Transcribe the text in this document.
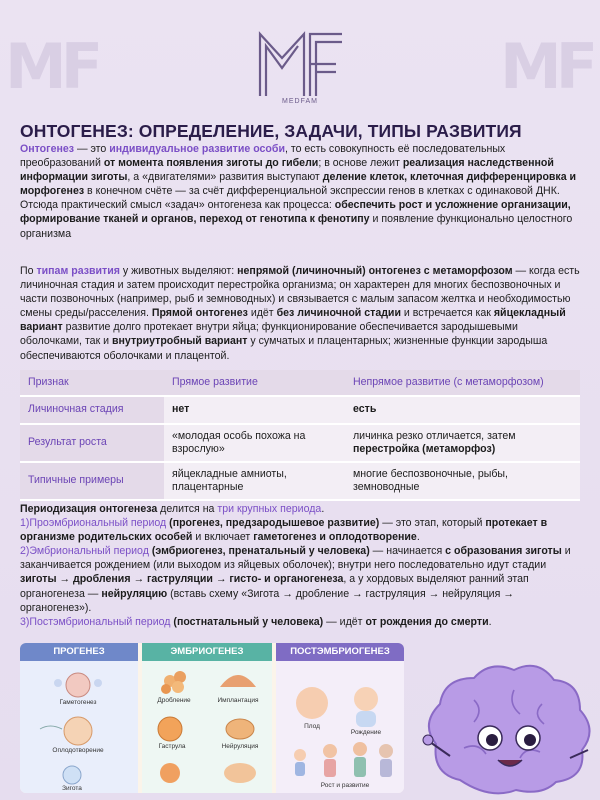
MF	MF
MEDFAM
ОНТОГЕНЕЗ: ОПРЕДЕЛЕНИЕ, ЗАДАЧИ, ТИПЫ РАЗВИТИЯ
Онтогенез — это индивидуальное развитие особи, то есть совокупность её последовательных преобразований от момента появления зиготы до гибели; в основе лежит реализация наследственной информации зиготы, а «двигателями» развития выступают деление клеток, клеточная дифференцировка и морфогенез в конечном счёте — за счёт дифференциальной экспрессии генов в клетках с одинаковой ДНК. Отсюда практический смысл «задач» онтогенеза как процесса: обеспечить рост и усложнение организации, формирование тканей и органов, переход от генотипа к фенотипу и появление функционально целостного организма
По типам развития у животных выделяют: непрямой (личиночный) онтогенез с метаморфозом — когда есть личиночная стадия и затем происходит перестройка организма; он характерен для многих беспозвоночных и части позвоночных (например, рыб и земноводных) и связывается с малым запасом желтка и необходимостью смены среды/расселения. Прямой онтогенез идёт без личиночной стадии и встречается как яйцекладный вариант развитие долго протекает внутри яйца; функционирование обеспечивается зародышевыми оболочками, так и внутриутробный вариант у сумчатых и плацентарных; жизненные функции зародыша обеспечиваются оболочками и плацентой.
Признак	Прямое развитие	Непрямое развитие (с метаморфозом)
Личиночная стадия	нет	есть
Результат роста	«молодая особь похожа на взрослую»	личинка резко отличается, затем перестройка (метаморфоз)
Типичные примеры	яйцекладные амниоты, плацентарные	многие беспозвоночные, рыбы, земноводные
Периодизация онтогенеза делится на три крупных периода.
1)Проэмбриональный период (прогенез, предзародышевое развитие) — это этап, который протекает в организме родительских особей и включает гаметогенез и оплодотворение.
2)Эмбриональный период (эмбриогенез, пренатальный у человека) — начинается с образования зиготы и заканчивается рождением (или выходом из яйцевых оболочек); внутри него последовательно идут стадии зиготы → дробления → гаструляции → гисто- и органогенеза, а у хордовых выделяют ранний этап органогенеза — нейруляцию (вставь схему «Зигота → дробление → гаструляция → нейруляция → органогенез»).
3)Постэмбриональный период (постнатальный у человека) — идёт от рождения до смерти.
ПРОГЕНЕЗ	ЭМБРИОГЕНЕЗ	ПОСТЭМБРИОГЕНЕЗ
Гаметогенез
Оплодотворение
Зигота
Дробление	Имплантация
Гаструла	Нейруляция
Плод
Рождение
Рост и развитие
